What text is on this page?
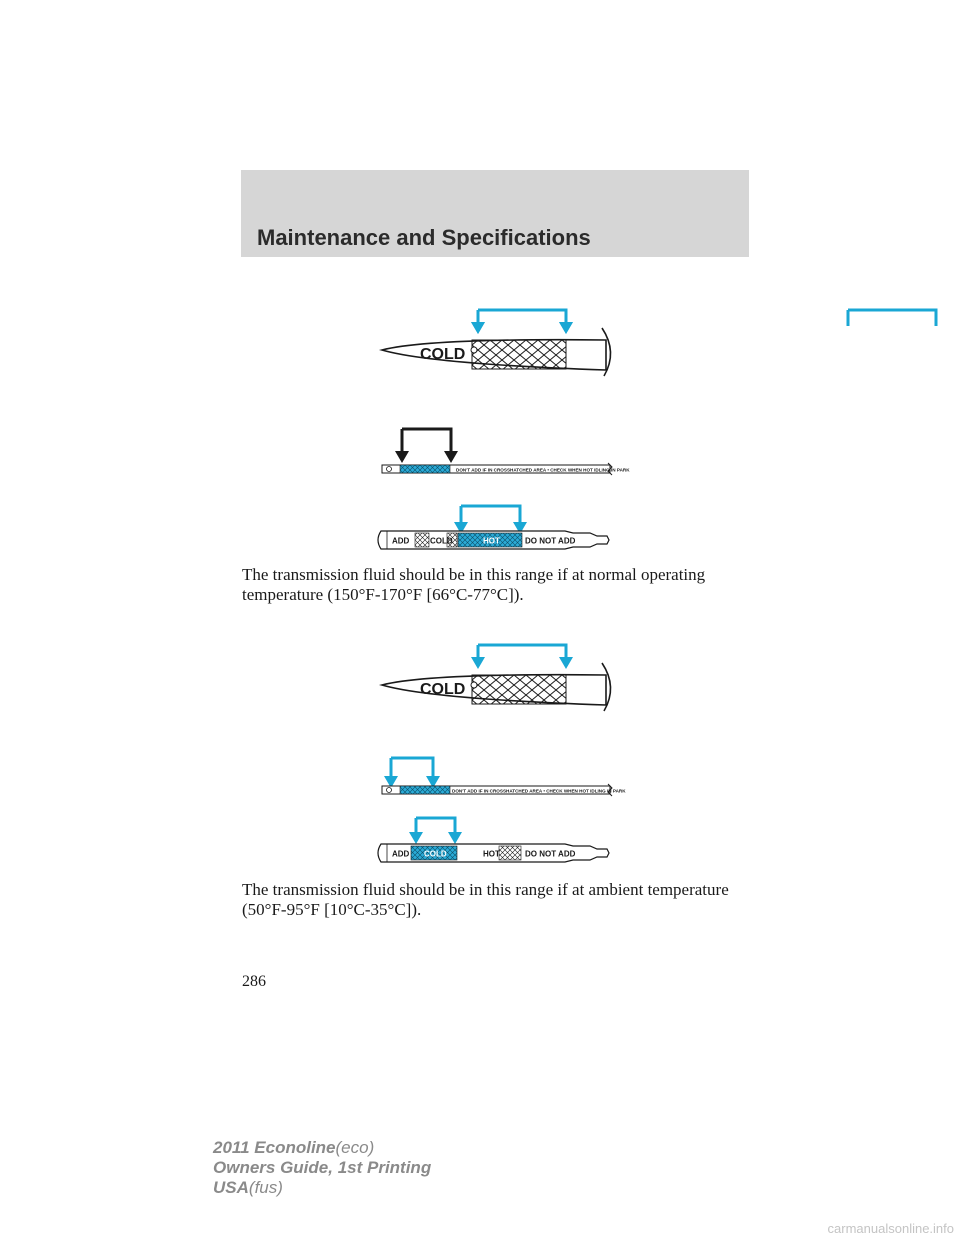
Maintenance and Specifications
COLD
DON'T ADD IF IN CROSSHATCHED AREA • CHECK WHEN HOT IDLING IN PARK
ADD	COLD	HOT	DO NOT ADD
The transmission fluid should be in this range if at normal operating temperature (150°F-170°F [66°C-77°C]).
COLD
DON'T ADD IF IN CROSSHATCHED AREA • CHECK WHEN HOT IDLING IN PARK
ADD COLD	HOT	DO NOT ADD
The transmission fluid should be in this range if at ambient temperature (50°F-95°F [10°C-35°C]).
286
2011 Econoline(eco)
Owners Guide, 1st Printing
USA(fus)
carmanualsonline.info
